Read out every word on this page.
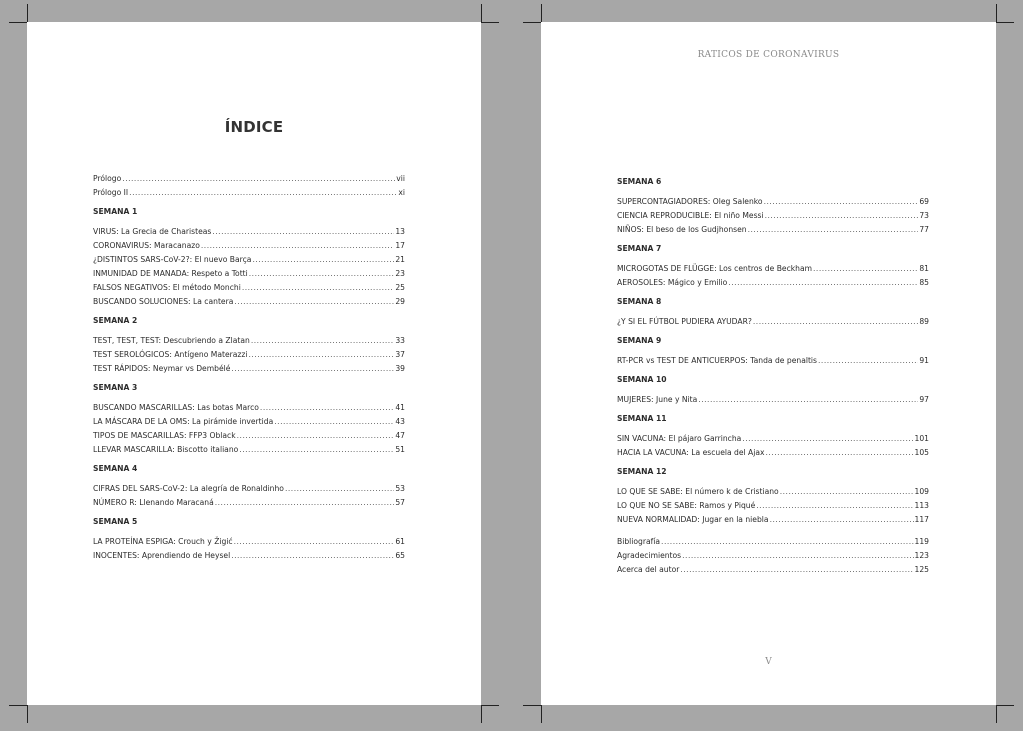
ÍNDICE
Prólogo .....	vii
Prólogo II .....	xi
SEMANA 1
VIRUS: La Grecia de Charisteas .....	13
CORONAVIRUS: Maracanazo .....	17
¿DISTINTOS SARS-CoV-2?: El nuevo Barça .....	21
INMUNIDAD DE MANADA: Respeto a Totti .....	23
FALSOS NEGATIVOS: El método Monchi .....	25
BUSCANDO SOLUCIONES: La cantera .....	29
SEMANA 2
TEST, TEST, TEST: Descubriendo a Zlatan .....	33
TEST SEROLÓGICOS: Antígeno Materazzi .....	37
TEST RÁPIDOS: Neymar vs Dembélé .....	39
SEMANA 3
BUSCANDO MASCARILLAS: Las botas Marco .....	41
LA MÁSCARA DE LA OMS: La pirámide invertida .....	43
TIPOS DE MASCARILLAS: FFP3 Oblack .....	47
LLEVAR MASCARILLA: Biscotto italiano .....	51
SEMANA 4
CIFRAS DEL SARS-CoV-2: La alegría de Ronaldinho .....	53
NÚMERO R: Llenando Maracaná .....	57
SEMANA 5
LA PROTEÍNA ESPIGA: Crouch y Žigić .....	61
INOCENTES: Aprendiendo de Heysel .....	65
RATICOS DE CORONAVIRUS
SEMANA 6
SUPERCONTAGIADORES: Oleg Salenko .....	69
CIENCIA REPRODUCIBLE: El niño Messi .....	73
NIÑOS: El beso de los Gudjhonsen .....	77
SEMANA 7
MICROGOTAS DE FLÜGGE: Los centros de Beckham .....	81
AEROSOLES: Mágico y Emilio .....	85
SEMANA 8
¿Y SI EL FÚTBOL PUDIERA AYUDAR? .....	89
SEMANA 9
RT-PCR vs TEST DE ANTICUERPOS: Tanda de penaltis .....	91
SEMANA 10
MUJERES: June y Nita .....	97
SEMANA 11
SIN VACUNA: El pájaro Garrincha .....	101
HACIA LA VACUNA: La escuela del Ajax .....	105
SEMANA 12
LO QUE SE SABE: El número k de Cristiano .....	109
LO QUE NO SE SABE: Ramos y Piqué .....	113
NUEVA NORMALIDAD: Jugar en la niebla .....	117
Bibliografía .....	119
Agradecimientos .....	123
Acerca del autor .....	125
V
